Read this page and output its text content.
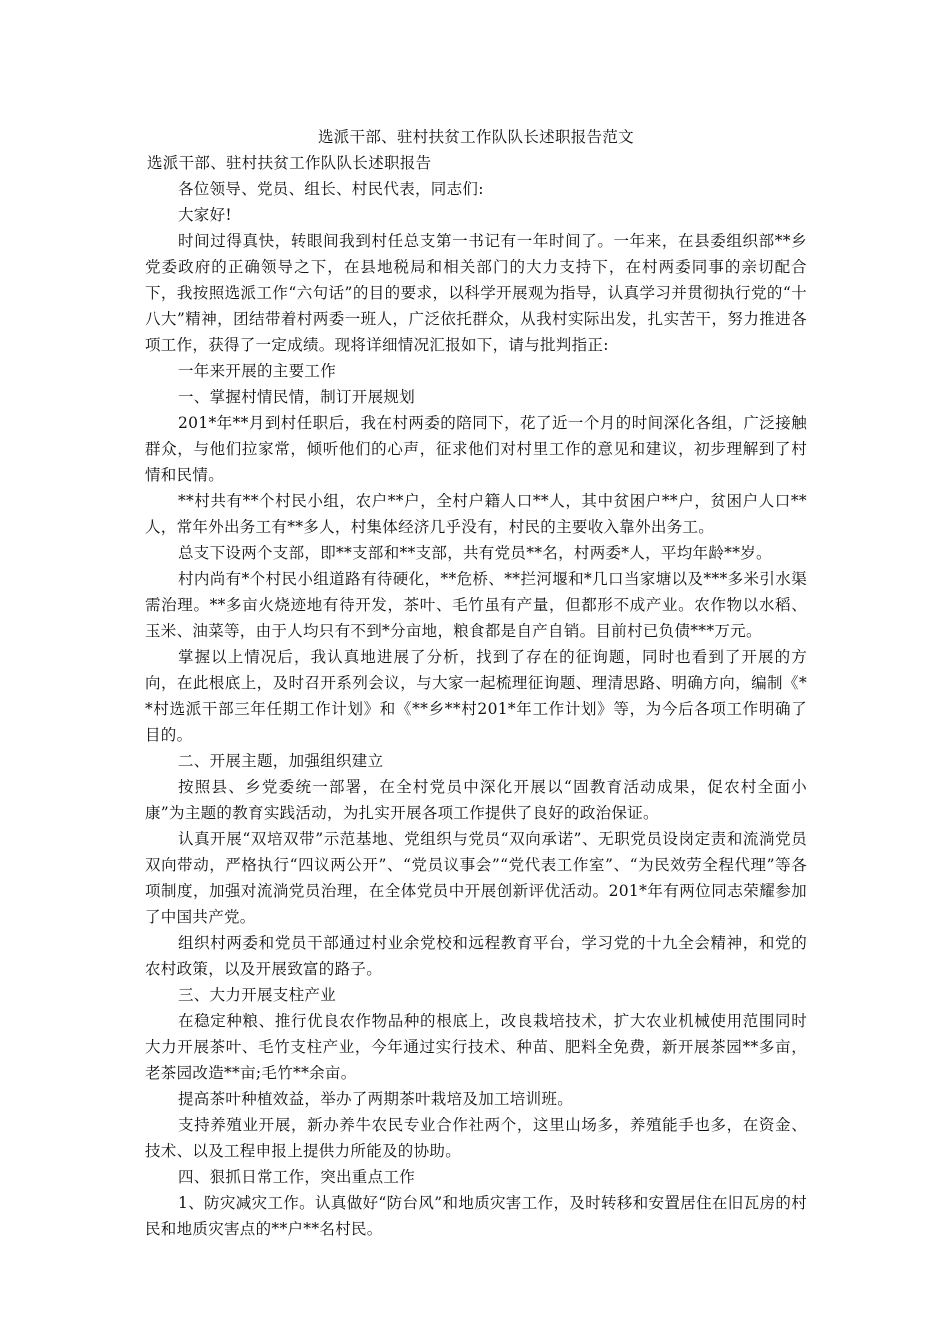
选派干部、驻村扶贫工作队队长述职报告范文

选派干部、驻村扶贫工作队队长述职报告

各位领导、党员、组长、村民代表，同志们:

大家好!

时间过得真快，转眼间我到村任总支第一书记有一年时间了。一年来，在县委组织部**乡党委政府的正确领导之下，在县地税局和相关部门的大力支持下，在村两委同事的亲切配合下，我按照选派工作“六句话”的目的要求，以科学开展观为指导，认真学习并贯彻执行党的“十八大”精神，团结带着村两委一班人，广泛依托群众，从我村实际出发，扎实苦干，努力推进各项工作，获得了一定成绩。现将详细情况汇报如下，请与批判指正:

一年来开展的主要工作

一、掌握村情民情，制订开展规划

201*年**月到村任职后，我在村两委的陪同下，花了近一个月的时间深化各组，广泛接触群众，与他们拉家常，倾听他们的心声，征求他们对村里工作的意见和建议，初步理解到了村情和民情。

**村共有**个村民小组，农户**户，全村户籍人口**人，其中贫困户**户，贫困户人口**人，常年外出务工有**多人，村集体经济几乎没有，村民的主要收入靠外出务工。

总支下设两个支部，即**支部和**支部，共有党员**名，村两委*人，平均年龄**岁。

村内尚有*个村民小组道路有待硬化，**危桥、**拦河堰和*几口当家塘以及***多米引水渠需治理。**多亩火烧迹地有待开发，茶叶、毛竹虽有产量，但都形不成产业。农作物以水稻、玉米、油菜等，由于人均只有不到*分亩地，粮食都是自产自销。目前村已负债***万元。

掌握以上情况后，我认真地进展了分析，找到了存在的征询题，同时也看到了开展的方向，在此根底上，及时召开系列会议，与大家一起梳理征询题、理清思路、明确方向，编制《**村选派干部三年任期工作计划》和《**乡**村201*年工作计划》等，为今后各项工作明确了目的。

二、开展主题，加强组织建立

按照县、乡党委统一部署，在全村党员中深化开展以“固教育活动成果，促农村全面小康”为主题的教育实践活动，为扎实开展各项工作提供了良好的政治保证。

认真开展“双培双带”示范基地、党组织与党员“双向承诺”、无职党员设岗定责和流淌党员双向带动，严格执行“四议两公开”、“党员议事会”“党代表工作室”、“为民效劳全程代理”等各项制度，加强对流淌党员治理，在全体党员中开展创新评优活动。201*年有两位同志荣耀参加了中国共产党。

组织村两委和党员干部通过村业余党校和远程教育平台，学习党的十九全会精神，和党的农村政策，以及开展致富的路子。

三、大力开展支柱产业

在稳定种粮、推行优良农作物品种的根底上，改良栽培技术，扩大农业机械使用范围同时大力开展茶叶、毛竹支柱产业，今年通过实行技术、种苗、肥料全免费，新开展茶园**多亩，老茶园改造**亩;毛竹**余亩。

提高茶叶种植效益，举办了两期茶叶栽培及加工培训班。

支持养殖业开展，新办养牛农民专业合作社两个，这里山场多，养殖能手也多，在资金、技术、以及工程申报上提供力所能及的协助。

四、狠抓日常工作，突出重点工作

1、防灾减灾工作。认真做好“防台风”和地质灾害工作，及时转移和安置居住在旧瓦房的村民和地质灾害点的**户**名村民。
